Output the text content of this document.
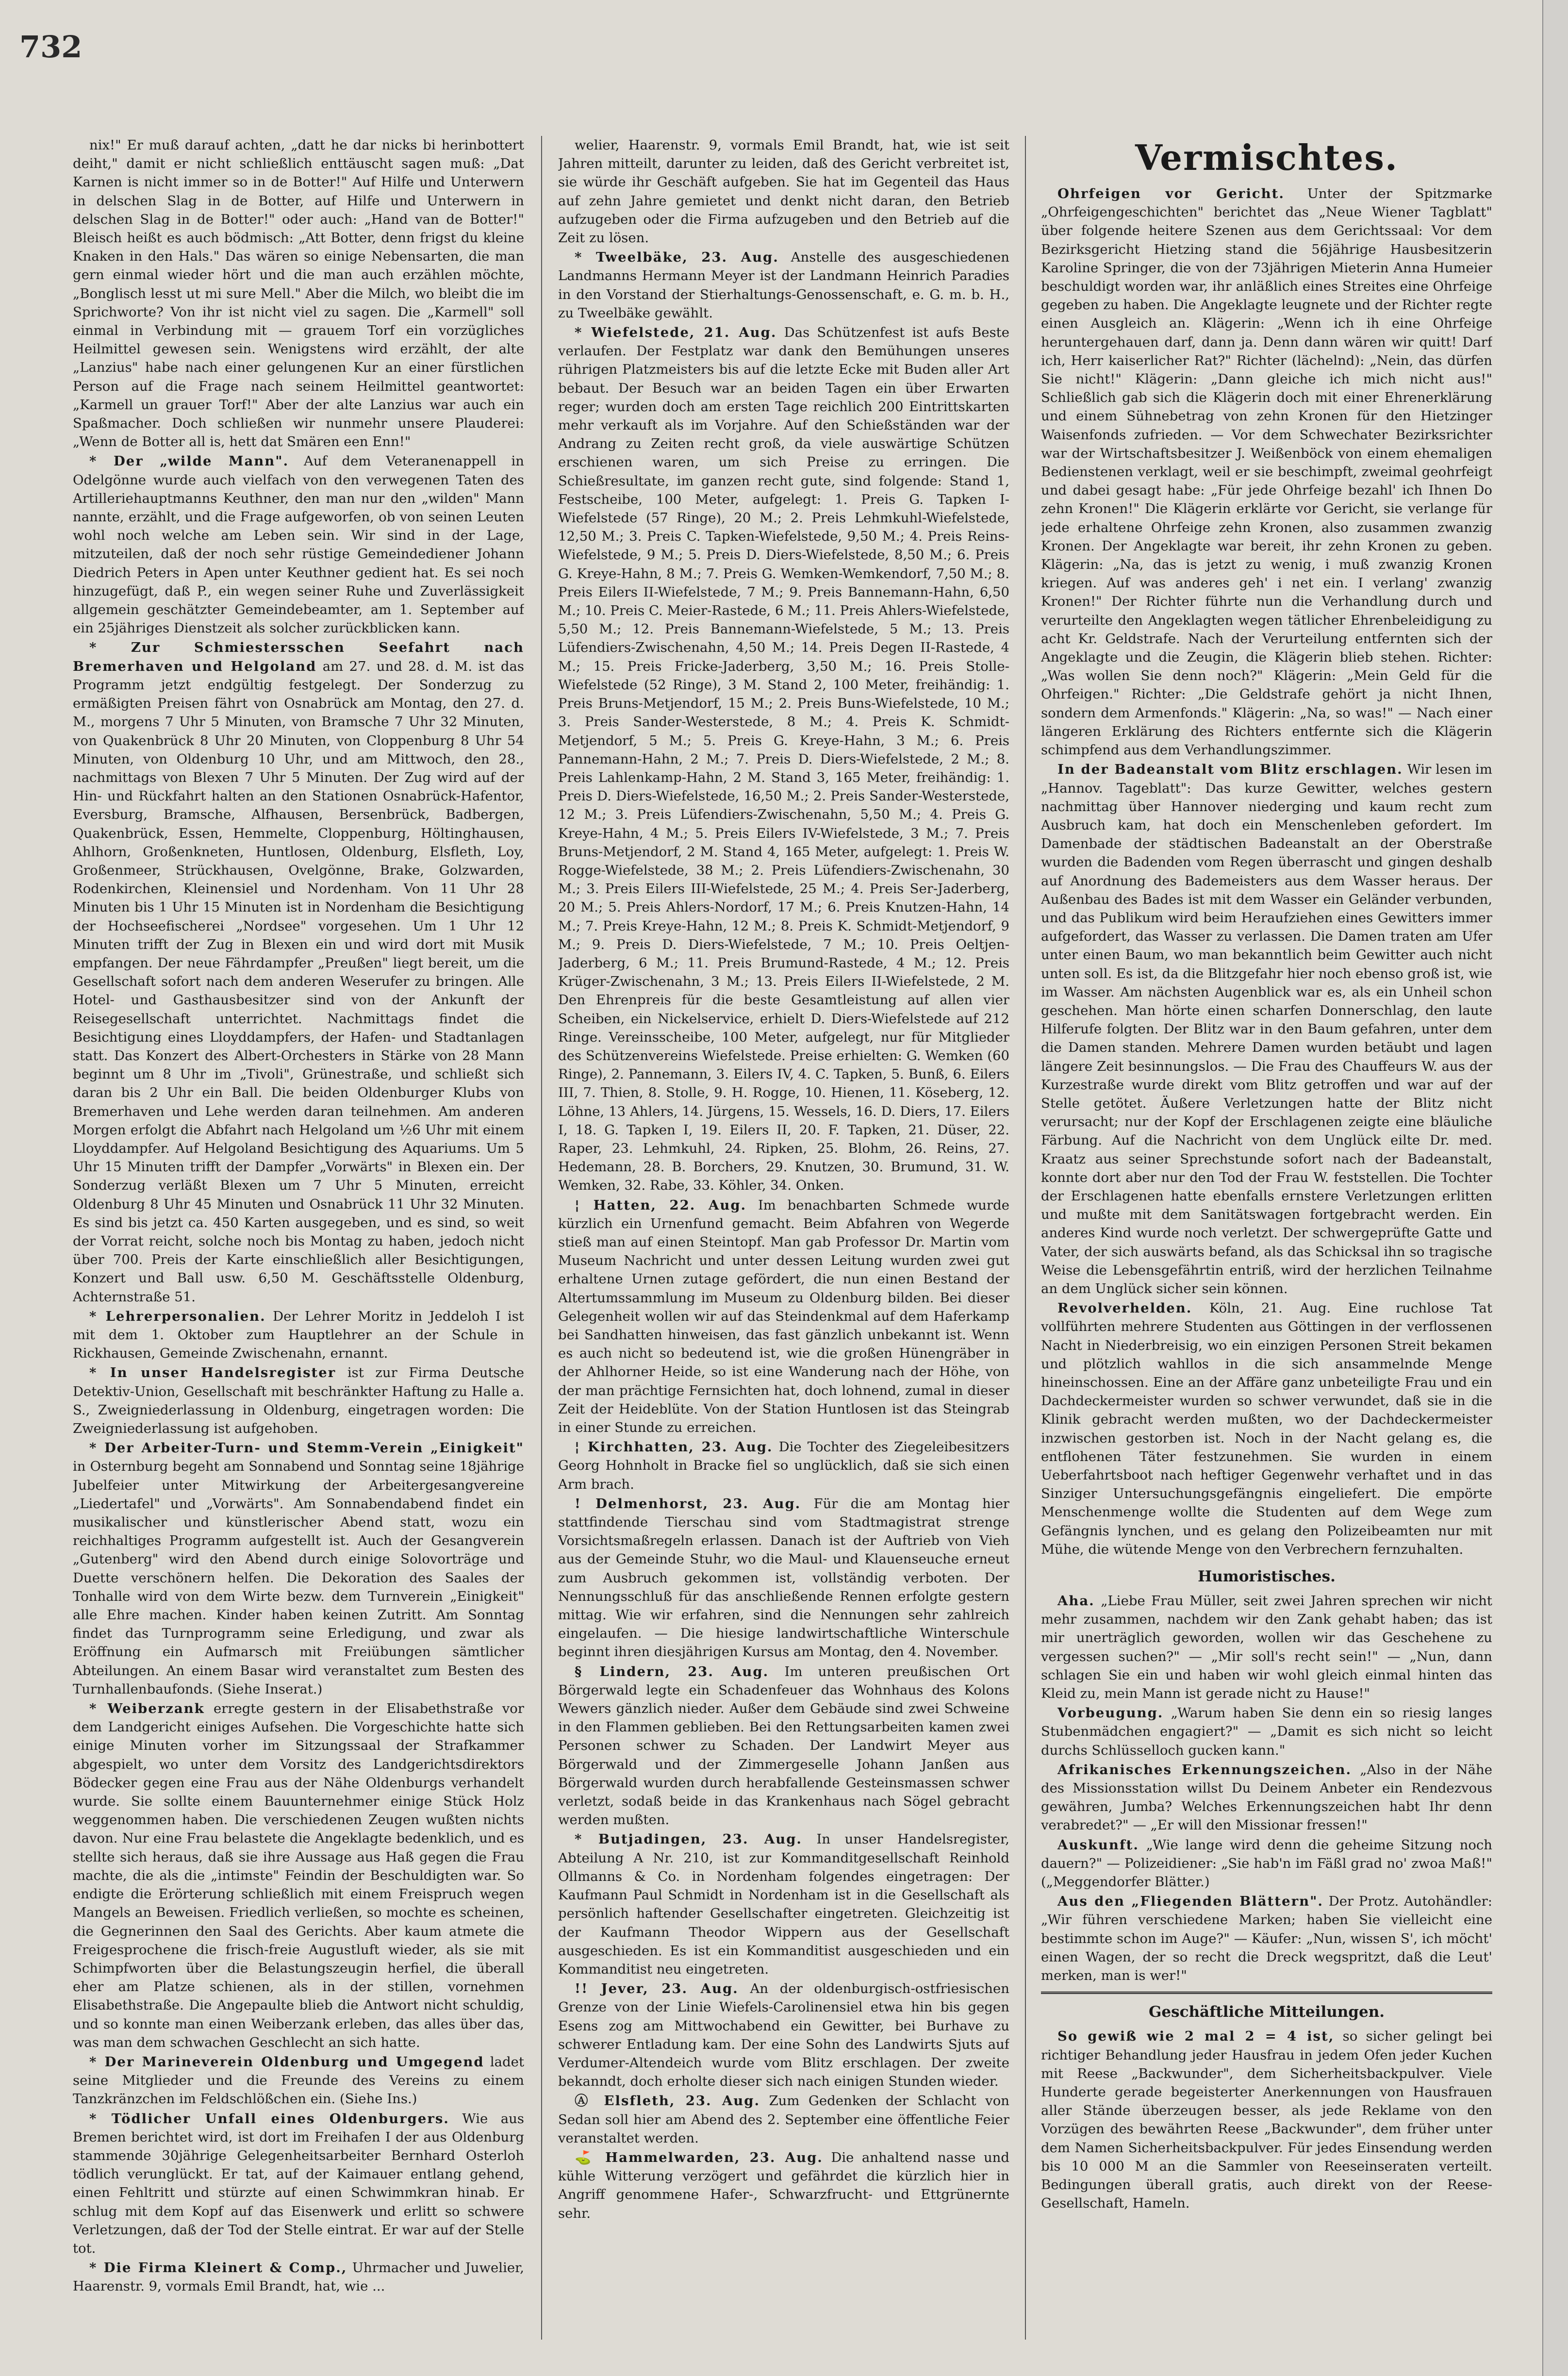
732

nix!" Er muß darauf achten, „datt he dar nicks bi herinbottert deiht," damit er nicht schließlich enttäuscht sagen muß: „Dat Karnen is nicht immer so in de Botter!" Auf Hilfe und Unterwern in delschen Slag in de Botter, auf Hilfe und Unterwern in delschen Slag in de Botter!" oder auch: „Hand van de Botter!" Bleisch heißt es auch bödmisch: „Att Botter, denn frigst du kleine Knaken in den Hals." Das wären so einige Nebensarten, die man gern einmal wieder hört und die man auch erzählen möchte, „Bonglisch lesst ut mi sure Mell." Aber die Milch, wo bleibt die im Sprichworte? Von ihr ist nicht viel zu sagen. Die „Karmell" soll einmal in Verbindung mit — grauem Torf ein vorzügliches Heilmittel gewesen sein. Wenigstens wird erzählt, der alte „Lanzius" habe nach einer gelungenen Kur an einer fürstlichen Person auf die Frage nach seinem Heilmittel geantwortet: „Karmell un grauer Torf!" Aber der alte Lanzius war auch ein Spaßmacher. Doch schließen wir nunmehr unsere Plauderei: „Wenn de Botter all is, hett dat Smären een Enn!"

* Der „wilde Mann". Auf dem Veteranenappell in Odelgönne wurde auch vielfach von den verwegenen Taten des Artilleriehauptmanns Keuthner, den man nur den „wilden" Mann nannte, erzählt, und die Frage aufgeworfen, ob von seinen Leuten wohl noch welche am Leben sein. Wir sind in der Lage, mitzuteilen, daß der noch sehr rüstige Gemeindediener Johann Diedrich Peters in Apen unter Keuthner gedient hat. Es sei noch hinzugefügt, daß P., ein wegen seiner Ruhe und Zuverlässigkeit allgemein geschätzter Gemeindebeamter, am 1. September auf ein 25jähriges Dienstzeit als solcher zurückblicken kann.

* Zur Schmiestersschen Seefahrt nach Bremerhaven und Helgoland am 27. und 28. d. M. ist das Programm jetzt endgültig festgelegt. Der Sonderzug zu ermäßigten Preisen fährt von Osnabrück am Montag, den 27. d. M., morgens 7 Uhr 5 Minuten, von Bramsche 7 Uhr 32 Minuten, von Quakenbrück 8 Uhr 20 Minuten, von Cloppenburg 8 Uhr 54 Minuten, von Oldenburg 10 Uhr, und am Mittwoch, den 28., nachmittags von Blexen 7 Uhr 5 Minuten. Der Zug wird auf der Hin- und Rückfahrt halten an den Stationen Osnabrück-Hafentor, Eversburg, Bramsche, Alfhausen, Bersenbrück, Badbergen, Quakenbrück, Essen, Hemmelte, Cloppenburg, Höltinghausen, Ahlhorn, Großenkneten, Huntlosen, Oldenburg, Elsfleth, Loy, Großenmeer, Strückhausen, Ovelgönne, Brake, Golzwarden, Rodenkirchen, Kleinensiel und Nordenham. Von 11 Uhr 28 Minuten bis 1 Uhr 15 Minuten ist in Nordenham die Besichtigung der Hochseefischerei „Nordsee" vorgesehen. Um 1 Uhr 12 Minuten trifft der Zug in Blexen ein und wird dort mit Musik empfangen. Der neue Fährdampfer „Preußen" liegt bereit, um die Gesellschaft sofort nach dem anderen Weserufer zu bringen. Alle Hotel- und Gasthausbesitzer sind von der Ankunft der Reisegesellschaft unterrichtet. Nachmittags findet die Besichtigung eines Lloyddampfers, der Hafen- und Stadtanlagen statt. Das Konzert des Albert-Orchesters in Stärke von 28 Mann beginnt um 8 Uhr im „Tivoli", Grünestraße, und schließt sich daran bis 2 Uhr ein Ball. Die beiden Oldenburger Klubs von Bremerhaven und Lehe werden daran teilnehmen. Am anderen Morgen erfolgt die Abfahrt nach Helgoland um ½6 Uhr mit einem Lloyddampfer. Auf Helgoland Besichtigung des Aquariums. Um 5 Uhr 15 Minuten trifft der Dampfer „Vorwärts" in Blexen ein. Der Sonderzug verläßt Blexen um 7 Uhr 5 Minuten, erreicht Oldenburg 8 Uhr 45 Minuten und Osnabrück 11 Uhr 32 Minuten. Es sind bis jetzt ca. 450 Karten ausgegeben, und es sind, so weit der Vorrat reicht, solche noch bis Montag zu haben, jedoch nicht über 700. Preis der Karte einschließlich aller Besichtigungen, Konzert und Ball usw. 6,50 M. Geschäftsstelle Oldenburg, Achternstraße 51.

* Lehrerpersonalien. Der Lehrer Moritz in Jeddeloh I ist mit dem 1. Oktober zum Hauptlehrer an der Schule in Rickhausen, Gemeinde Zwischenahn, ernannt.

* In unser Handelsregister ist zur Firma Deutsche Detektiv-Union, Gesellschaft mit beschränkter Haftung zu Halle a. S., Zweigniederlassung in Oldenburg, eingetragen worden: Die Zweigniederlassung ist aufgehoben.

* Der Arbeiter-Turn- und Stemm-Verein „Einigkeit" in Osternburg begeht am Sonnabend und Sonntag seine 18jährige Jubelfeier unter Mitwirkung der Arbeitergesangvereine „Liedertafel" und „Vorwärts". Am Sonnabendabend findet ein musikalischer und künstlerischer Abend statt, wozu ein reichhaltiges Programm aufgestellt ist. Auch der Gesangverein „Gutenberg" wird den Abend durch einige Solovorträge und Duette verschönern helfen. Die Dekoration des Saales der Tonhalle wird von dem Wirte bezw. dem Turnverein „Einigkeit" alle Ehre machen. Kinder haben keinen Zutritt. Am Sonntag findet das Turnprogramm seine Erledigung, und zwar als Eröffnung ein Aufmarsch mit Freiübungen sämtlicher Abteilungen. An einem Basar wird veranstaltet zum Besten des Turnhallenbaufonds. (Siehe Inserat.)

* Weiberzank erregte gestern in der Elisabethstraße vor dem Landgericht einiges Aufsehen. Die Vorgeschichte hatte sich einige Minuten vorher im Sitzungssaal der Strafkammer abgespielt, wo unter dem Vorsitz des Landgerichtsdirektors Bödecker gegen eine Frau aus der Nähe Oldenburgs verhandelt wurde. Sie sollte einem Bauunternehmer einige Stück Holz weggenommen haben. Die verschiedenen Zeugen wußten nichts davon. Nur eine Frau belastete die Angeklagte bedenklich, und es stellte sich heraus, daß sie ihre Aussage aus Haß gegen die Frau machte, die als die „intimste" Feindin der Beschuldigten war. So endigte die Erörterung schließlich mit einem Freispruch wegen Mangels an Beweisen. Friedlich verließen, so mochte es scheinen, die Gegnerinnen den Saal des Gerichts. Aber kaum atmete die Freigesprochene die frisch-freie Augustluft wieder, als sie mit Schimpfworten über die Belastungszeugin herfiel, die überall eher am Platze schienen, als in der stillen, vornehmen Elisabethstraße. Die Angepaulte blieb die Antwort nicht schuldig, und so konnte man einen Weiberzank erleben, das alles über das, was man dem schwachen Geschlecht an sich hatte.

* Der Marineverein Oldenburg und Umgegend ladet seine Mitglieder und die Freunde des Vereins zu einem Tanzkränzchen im Feldschlößchen ein. (Siehe Ins.)

* Tödlicher Unfall eines Oldenburgers. Wie aus Bremen berichtet wird, ist dort im Freihafen I der aus Oldenburg stammende 30jährige Gelegenheitsarbeiter Bernhard Osterloh tödlich verunglückt. Er tat, auf der Kaimauer entlang gehend, einen Fehltritt und stürzte auf einen Schwimmkran hinab. Er schlug mit dem Kopf auf das Eisenwerk und erlitt so schwere Verletzungen, daß der Tod der Stelle eintrat. Er war auf der Stelle tot.

* Die Firma Kleinert & Comp., Uhrmacher und Juwelier, Haarenstr. 9, vormals Emil Brandt, hat, wie ...

welier, Haarenstr. 9, vormals Emil Brandt, hat, wie ist seit Jahren mitteilt, darunter zu leiden, daß des Gericht verbreitet ist, sie würde ihr Geschäft aufgeben. Sie hat im Gegenteil das Haus auf zehn Jahre gemietet und denkt nicht daran, den Betrieb aufzugeben oder die Firma aufzugeben und den Betrieb auf die Zeit zu lösen.

* Tweelbäke, 23. Aug. Anstelle des ausgeschiedenen Landmanns Hermann Meyer ist der Landmann Heinrich Paradies in den Vorstand der Stierhaltungs-Genossenschaft, e. G. m. b. H., zu Tweelbäke gewählt.

* Wiefelstede, 21. Aug. Das Schützenfest ist aufs Beste verlaufen. Der Festplatz war dank den Bemühungen unseres rührigen Platzmeisters bis auf die letzte Ecke mit Buden aller Art bebaut. Der Besuch war an beiden Tagen ein über Erwarten reger; wurden doch am ersten Tage reichlich 200 Eintrittskarten mehr verkauft als im Vorjahre. Auf den Schießständen war der Andrang zu Zeiten recht groß, da viele auswärtige Schützen erschienen waren, um sich Preise zu erringen. Die Schießresultate, im ganzen recht gute, sind folgende: Stand 1, Festscheibe, 100 Meter, aufgelegt: 1. Preis G. Tapken I-Wiefelstede (57 Ringe), 20 M.; 2. Preis Lehmkuhl-Wiefelstede, 12,50 M.; 3. Preis C. Tapken-Wiefelstede, 9,50 M.; 4. Preis Reins-Wiefelstede, 9 M.; 5. Preis D. Diers-Wiefelstede, 8,50 M.; 6. Preis G. Kreye-Hahn, 8 M.; 7. Preis G. Wemken-Wemkendorf, 7,50 M.; 8. Preis Eilers II-Wiefelstede, 7 M.; 9. Preis Bannemann-Hahn, 6,50 M.; 10. Preis C. Meier-Rastede, 6 M.; 11. Preis Ahlers-Wiefelstede, 5,50 M.; 12. Preis Bannemann-Wiefelstede, 5 M.; 13. Preis Lüfendiers-Zwischenahn, 4,50 M.; 14. Preis Degen II-Rastede, 4 M.; 15. Preis Fricke-Jaderberg, 3,50 M.; 16. Preis Stolle-Wiefelstede (52 Ringe), 3 M. Stand 2, 100 Meter, freihändig: 1. Preis Bruns-Metjendorf, 15 M.; 2. Preis Buns-Wiefelstede, 10 M.; 3. Preis Sander-Westerstede, 8 M.; 4. Preis K. Schmidt-Metjendorf, 5 M.; 5. Preis G. Kreye-Hahn, 3 M.; 6. Preis Pannemann-Hahn, 2 M.; 7. Preis D. Diers-Wiefelstede, 2 M.; 8. Preis Lahlenkamp-Hahn, 2 M. Stand 3, 165 Meter, freihändig: 1. Preis D. Diers-Wiefelstede, 16,50 M.; 2. Preis Sander-Westerstede, 12 M.; 3. Preis Lüfendiers-Zwischenahn, 5,50 M.; 4. Preis G. Kreye-Hahn, 4 M.; 5. Preis Eilers IV-Wiefelstede, 3 M.; 7. Preis Bruns-Metjendorf, 2 M. Stand 4, 165 Meter, aufgelegt: 1. Preis W. Rogge-Wiefelstede, 38 M.; 2. Preis Lüfendiers-Zwischenahn, 30 M.; 3. Preis Eilers III-Wiefelstede, 25 M.; 4. Preis Ser-Jaderberg, 20 M.; 5. Preis Ahlers-Nordorf, 17 M.; 6. Preis Knutzen-Hahn, 14 M.; 7. Preis Kreye-Hahn, 12 M.; 8. Preis K. Schmidt-Metjendorf, 9 M.; 9. Preis D. Diers-Wiefelstede, 7 M.; 10. Preis Oeltjen-Jaderberg, 6 M.; 11. Preis Brumund-Rastede, 4 M.; 12. Preis Krüger-Zwischenahn, 3 M.; 13. Preis Eilers II-Wiefelstede, 2 M. Den Ehrenpreis für die beste Gesamtleistung auf allen vier Scheiben, ein Nickelservice, erhielt D. Diers-Wiefelstede auf 212 Ringe. Vereinsscheibe, 100 Meter, aufgelegt, nur für Mitglieder des Schützenvereins Wiefelstede. Preise erhielten: G. Wemken (60 Ringe), 2. Pannemann, 3. Eilers IV, 4. C. Tapken, 5. Bunß, 6. Eilers III, 7. Thien, 8. Stolle, 9. H. Rogge, 10. Hienen, 11. Köseberg, 12. Löhne, 13 Ahlers, 14. Jürgens, 15. Wessels, 16. D. Diers, 17. Eilers I, 18. G. Tapken I, 19. Eilers II, 20. F. Tapken, 21. Düser, 22. Raper, 23. Lehmkuhl, 24. Ripken, 25. Blohm, 26. Reins, 27. Hedemann, 28. B. Borchers, 29. Knutzen, 30. Brumund, 31. W. Wemken, 32. Rabe, 33. Köhler, 34. Onken.

¦ Hatten, 22. Aug. Im benachbarten Schmede wurde kürzlich ein Urnenfund gemacht. Beim Abfahren von Wegerde stieß man auf einen Steintopf. Man gab Professor Dr. Martin vom Museum Nachricht und unter dessen Leitung wurden zwei gut erhaltene Urnen zutage gefördert, die nun einen Bestand der Altertumssammlung im Museum zu Oldenburg bilden. Bei dieser Gelegenheit wollen wir auf das Steindenkmal auf dem Haferkamp bei Sandhatten hinweisen, das fast gänzlich unbekannt ist. Wenn es auch nicht so bedeutend ist, wie die großen Hünengräber in der Ahlhorner Heide, so ist eine Wanderung nach der Höhe, von der man prächtige Fernsichten hat, doch lohnend, zumal in dieser Zeit der Heideblüte. Von der Station Huntlosen ist das Steingrab in einer Stunde zu erreichen.

¦ Kirchhatten, 23. Aug. Die Tochter des Ziegeleibesitzers Georg Hohnholt in Bracke fiel so unglücklich, daß sie sich einen Arm brach.

! Delmenhorst, 23. Aug. Für die am Montag hier stattfindende Tierschau sind vom Stadtmagistrat strenge Vorsichtsmaßregeln erlassen. Danach ist der Auftrieb von Vieh aus der Gemeinde Stuhr, wo die Maul- und Klauenseuche erneut zum Ausbruch gekommen ist, vollständig verboten. Der Nennungsschluß für das anschließende Rennen erfolgte gestern mittag. Wie wir erfahren, sind die Nennungen sehr zahlreich eingelaufen. — Die hiesige landwirtschaftliche Winterschule beginnt ihren diesjährigen Kursus am Montag, den 4. November.

§ Lindern, 23. Aug. Im unteren preußischen Ort Börgerwald legte ein Schadenfeuer das Wohnhaus des Kolons Wewers gänzlich nieder. Außer dem Gebäude sind zwei Schweine in den Flammen geblieben. Bei den Rettungsarbeiten kamen zwei Personen schwer zu Schaden. Der Landwirt Meyer aus Börgerwald und der Zimmergeselle Johann Janßen aus Börgerwald wurden durch herabfallende Gesteinsmassen schwer verletzt, sodaß beide in das Krankenhaus nach Sögel gebracht werden mußten.

* Butjadingen, 23. Aug. In unser Handelsregister, Abteilung A Nr. 210, ist zur Kommanditgesellschaft Reinhold Ollmanns & Co. in Nordenham folgendes eingetragen: Der Kaufmann Paul Schmidt in Nordenham ist in die Gesellschaft als persönlich haftender Gesellschafter eingetreten. Gleichzeitig ist der Kaufmann Theodor Wippern aus der Gesellschaft ausgeschieden. Es ist ein Kommanditist ausgeschieden und ein Kommanditist neu eingetreten.

!! Jever, 23. Aug. An der oldenburgisch-ostfriesischen Grenze von der Linie Wiefels-Carolinensiel etwa hin bis gegen Esens zog am Mittwochabend ein Gewitter, bei Burhave zu schwerer Entladung kam. Der eine Sohn des Landwirts Sjuts auf Verdumer-Altendeich wurde vom Blitz erschlagen. Der zweite bekanndt, doch erholte dieser sich nach einigen Stunden wieder.

Ⓐ Elsfleth, 23. Aug. Zum Gedenken der Schlacht von Sedan soll hier am Abend des 2. September eine öffentliche Feier veranstaltet werden.

⛳ Hammelwarden, 23. Aug. Die anhaltend nasse und kühle Witterung verzögert und gefährdet die kürzlich hier in Angriff genommene Hafer-, Schwarzfrucht- und Ettgrünernte sehr.

Vermischtes.

Ohrfeigen vor Gericht. Unter der Spitzmarke „Ohrfeigengeschichten" berichtet das „Neue Wiener Tagblatt" über folgende heitere Szenen aus dem Gerichtssaal: Vor dem Bezirksgericht Hietzing stand die 56jährige Hausbesitzerin Karoline Springer, die von der 73jährigen Mieterin Anna Humeier beschuldigt worden war, ihr anläßlich eines Streites eine Ohrfeige gegeben zu haben. Die Angeklagte leugnete und der Richter regte einen Ausgleich an. Klägerin: „Wenn ich ih eine Ohrfeige heruntergehauen darf, dann ja. Denn dann wären wir quitt! Darf ich, Herr kaiserlicher Rat?" Richter (lächelnd): „Nein, das dürfen Sie nicht!" Klägerin: „Dann gleiche ich mich nicht aus!" Schließlich gab sich die Klägerin doch mit einer Ehrenerklärung und einem Sühnebetrag von zehn Kronen für den Hietzinger Waisenfonds zufrieden. — Vor dem Schwechater Bezirksrichter war der Wirtschaftsbesitzer J. Weißenböck von einem ehemaligen Bedienstenen verklagt, weil er sie beschimpft, zweimal geohrfeigt und dabei gesagt habe: „Für jede Ohrfeige bezahl' ich Ihnen Do zehn Kronen!" Die Klägerin erklärte vor Gericht, sie verlange für jede erhaltene Ohrfeige zehn Kronen, also zusammen zwanzig Kronen. Der Angeklagte war bereit, ihr zehn Kronen zu geben. Klägerin: „Na, das is jetzt zu wenig, i muß zwanzig Kronen kriegen. Auf was anderes geh' i net ein. I verlang' zwanzig Kronen!" Der Richter führte nun die Verhandlung durch und verurteilte den Angeklagten wegen tätlicher Ehrenbeleidigung zu acht Kr. Geldstrafe. Nach der Verurteilung entfernten sich der Angeklagte und die Zeugin, die Klägerin blieb stehen. Richter: „Was wollen Sie denn noch?" Klägerin: „Mein Geld für die Ohrfeigen." Richter: „Die Geldstrafe gehört ja nicht Ihnen, sondern dem Armenfonds." Klägerin: „Na, so was!" — Nach einer längeren Erklärung des Richters entfernte sich die Klägerin schimpfend aus dem Verhandlungszimmer.

In der Badeanstalt vom Blitz erschlagen. Wir lesen im „Hannov. Tageblatt": Das kurze Gewitter, welches gestern nachmittag über Hannover niederging und kaum recht zum Ausbruch kam, hat doch ein Menschenleben gefordert. Im Damenbade der städtischen Badeanstalt an der Oberstraße wurden die Badenden vom Regen überrascht und gingen deshalb auf Anordnung des Bademeisters aus dem Wasser heraus. Der Außenbau des Bades ist mit dem Wasser ein Geländer verbunden, und das Publikum wird beim Heraufziehen eines Gewitters immer aufgefordert, das Wasser zu verlassen. Die Damen traten am Ufer unter einen Baum, wo man bekanntlich beim Gewitter auch nicht unten soll. Es ist, da die Blitzgefahr hier noch ebenso groß ist, wie im Wasser. Am nächsten Augenblick war es, als ein Unheil schon geschehen. Man hörte einen scharfen Donnerschlag, den laute Hilferufe folgten. Der Blitz war in den Baum gefahren, unter dem die Damen standen. Mehrere Damen wurden betäubt und lagen längere Zeit besinnungslos. — Die Frau des Chauffeurs W. aus der Kurzestraße wurde direkt vom Blitz getroffen und war auf der Stelle getötet. Äußere Verletzungen hatte der Blitz nicht verursacht; nur der Kopf der Erschlagenen zeigte eine bläuliche Färbung. Auf die Nachricht von dem Unglück eilte Dr. med. Kraatz aus seiner Sprechstunde sofort nach der Badeanstalt, konnte dort aber nur den Tod der Frau W. feststellen. Die Tochter der Erschlagenen hatte ebenfalls ernstere Verletzungen erlitten und mußte mit dem Sanitätswagen fortgebracht werden. Ein anderes Kind wurde noch verletzt. Der schwergeprüfte Gatte und Vater, der sich auswärts befand, als das Schicksal ihn so tragische Weise die Lebensgefährtin entriß, wird der herzlichen Teilnahme an dem Unglück sicher sein können.

Revolverhelden. Köln, 21. Aug. Eine ruchlose Tat vollführten mehrere Studenten aus Göttingen in der verflossenen Nacht in Niederbreisig, wo ein einzigen Personen Streit bekamen und plötzlich wahllos in die sich ansammelnde Menge hineinschossen. Eine an der Affäre ganz unbeteiligte Frau und ein Dachdeckermeister wurden so schwer verwundet, daß sie in die Klinik gebracht werden mußten, wo der Dachdeckermeister inzwischen gestorben ist. Noch in der Nacht gelang es, die entflohenen Täter festzunehmen. Sie wurden in einem Ueberfahrtsboot nach heftiger Gegenwehr verhaftet und in das Sinziger Untersuchungsgefängnis eingeliefert. Die empörte Menschenmenge wollte die Studenten auf dem Wege zum Gefängnis lynchen, und es gelang den Polizeibeamten nur mit Mühe, die wütende Menge von den Verbrechern fernzuhalten.

Humoristisches.

Aha. „Liebe Frau Müller, seit zwei Jahren sprechen wir nicht mehr zusammen, nachdem wir den Zank gehabt haben; das ist mir unerträglich geworden, wollen wir das Geschehene zu vergessen suchen?" — „Mir soll's recht sein!" — „Nun, dann schlagen Sie ein und haben wir wohl gleich einmal hinten das Kleid zu, mein Mann ist gerade nicht zu Hause!"

Vorbeugung. „Warum haben Sie denn ein so riesig langes Stubenmädchen engagiert?" — „Damit es sich nicht so leicht durchs Schlüsselloch gucken kann."

Afrikanisches Erkennungszeichen. „Also in der Nähe des Missionsstation willst Du Deinem Anbeter ein Rendezvous gewähren, Jumba? Welches Erkennungszeichen habt Ihr denn verabredet?" — „Er will den Missionar fressen!"

Auskunft. „Wie lange wird denn die geheime Sitzung noch dauern?" — Polizeidiener: „Sie hab'n im Fäßl grad no' zwoa Maß!" („Meggendorfer Blätter.)

Aus den „Fliegenden Blättern". Der Protz. Autohändler: „Wir führen verschiedene Marken; haben Sie vielleicht eine bestimmte schon im Auge?" — Käufer: „Nun, wissen S', ich möcht' einen Wagen, der so recht die Dreck wegspritzt, daß die Leut' merken, man is wer!"

Geschäftliche Mitteilungen.

So gewiß wie 2 mal 2 = 4 ist, so sicher gelingt bei richtiger Behandlung jeder Hausfrau in jedem Ofen jeder Kuchen mit Reese „Backwunder", dem Sicherheitsbackpulver. Viele Hunderte gerade begeisterter Anerkennungen von Hausfrauen aller Stände überzeugen besser, als jede Reklame von den Vorzügen des bewährten Reese „Backwunder", dem früher unter dem Namen Sicherheitsbackpulver. Für jedes Einsendung werden bis 10 000 M an die Sammler von Reeseinseraten verteilt. Bedingungen überall gratis, auch direkt von der Reese-Gesellschaft, Hameln.
